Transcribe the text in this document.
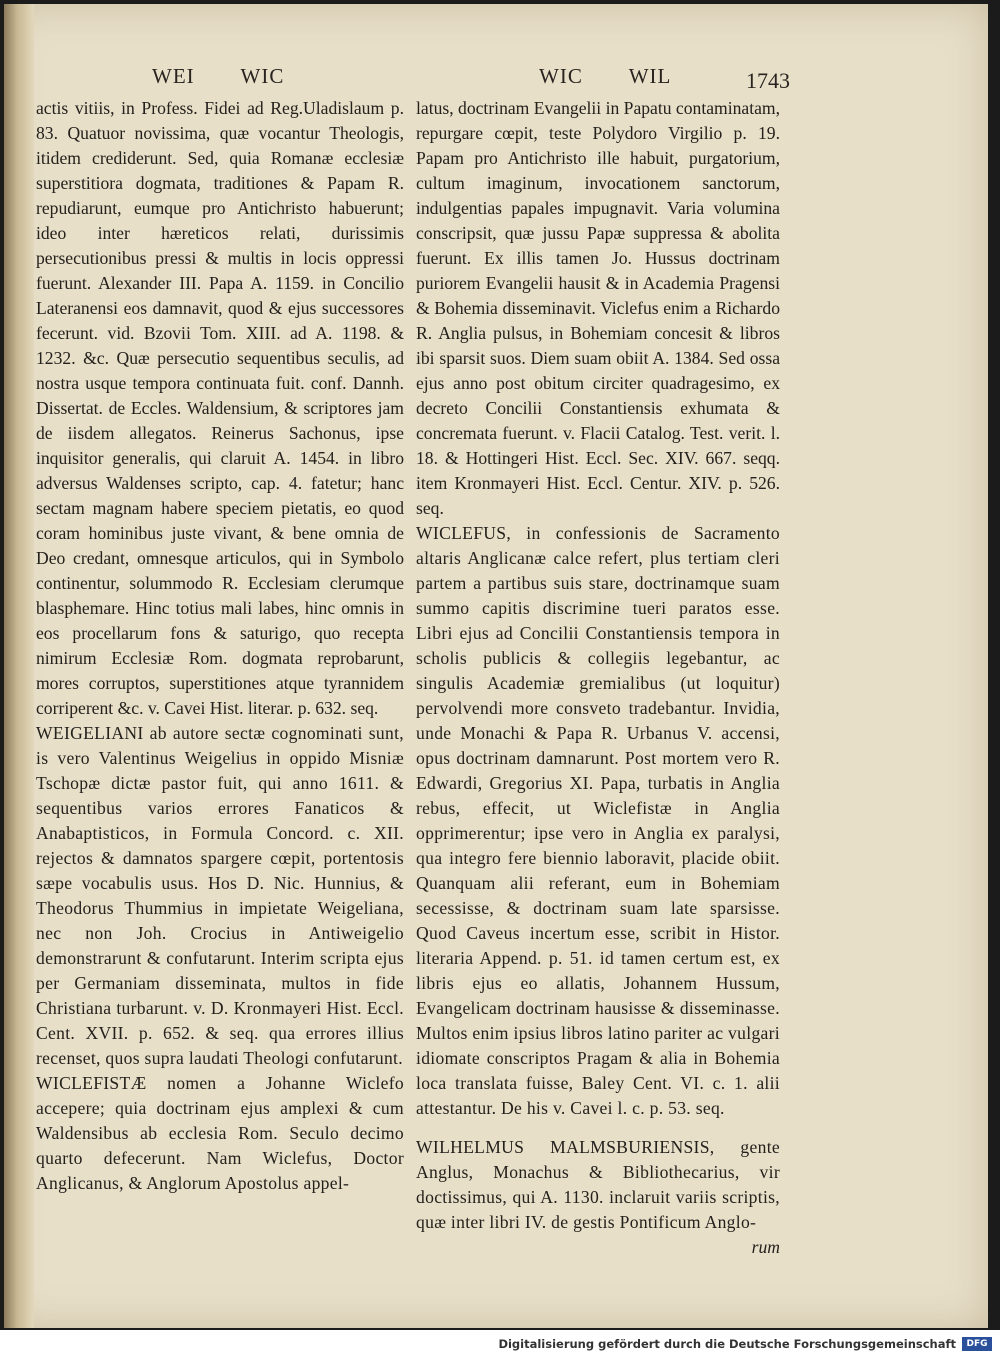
WEI WIC	WIC WIL	1743

actis vitiis, in Profess. Fidei ad Reg.Uladislaum p. 83. Quatuor novissima, quæ vocantur Theologis, itidem crediderunt. Sed, quia Romanæ ecclesiæ superstitiora dogmata, traditiones & Papam R. repudiarunt, eumque pro Antichristo habuerunt; ideo inter hæreticos relati, durissimis persecutionibus pressi & multis in locis oppressi fuerunt. Alexander III. Papa A. 1159. in Concilio Lateranensi eos damnavit, quod & ejus successores fecerunt. vid. Bzovii Tom. XIII. ad A. 1198. & 1232. &c. Quæ persecutio sequentibus seculis, ad nostra usque tempora continuata fuit. conf. Dannh. Dissertat. de Eccles. Waldensium, & scriptores jam de iisdem allegatos. Reinerus Sachonus, ipse inquisitor generalis, qui claruit A. 1454. in libro adversus Waldenses scripto, cap. 4. fatetur; hanc sectam magnam habere speciem pietatis, eo quod coram hominibus juste vivant, & bene omnia de Deo credant, omnesque articulos, qui in Symbolo continentur, solummodo R. Ecclesiam clerumque blasphemare. Hinc totius mali labes, hinc omnis in eos procellarum fons & saturigo, quo recepta nimirum Ecclesiæ Rom. dogmata reprobarunt, mores corruptos, superstitiones atque tyrannidem corriperent &c. v. Cavei Hist. literar. p. 632. seq.

WEIGELIANI ab autore sectæ cognominati sunt, is vero Valentinus Weigelius in oppido Misniæ Tschopæ dictæ pastor fuit, qui anno 1611. & sequentibus varios errores Fanaticos & Anabaptisticos, in Formula Concord. c. XII. rejectos & damnatos spargere cœpit, portentosis sæpe vocabulis usus. Hos D. Nic. Hunnius, & Theodorus Thummius in impietate Weigeliana, nec non Joh. Crocius in Antiweigelio demonstrarunt & confutarunt. Interim scripta ejus per Germaniam disseminata, multos in fide Christiana turbarunt. v. D. Kronmayeri Hist. Eccl. Cent. XVII. p. 652. & seq. qua errores illius recenset, quos supra laudati Theologi confutarunt.

WICLEFISTÆ nomen a Johanne Wiclefo accepere; quia doctrinam ejus amplexi & cum Waldensibus ab ecclesia Rom. Seculo decimo quarto defecerunt. Nam Wiclefus, Doctor Anglicanus, & Anglorum Apostolus appel-

latus, doctrinam Evangelii in Papatu contaminatam, repurgare cœpit, teste Polydoro Virgilio p. 19. Papam pro Antichristo ille habuit, purgatorium, cultum imaginum, invocationem sanctorum, indulgentias papales impugnavit. Varia volumina conscripsit, quæ jussu Papæ suppressa & abolita fuerunt. Ex illis tamen Jo. Hussus doctrinam puriorem Evangelii hausit & in Academia Pragensi & Bohemia disseminavit. Viclefus enim a Richardo R. Anglia pulsus, in Bohemiam concesit & libros ibi sparsit suos. Diem suam obiit A. 1384. Sed ossa ejus anno post obitum circiter quadragesimo, ex decreto Concilii Constantiensis exhumata & concremata fuerunt. v. Flacii Catalog. Test. verit. l. 18. & Hottingeri Hist. Eccl. Sec. XIV. 667. seqq. item Kronmayeri Hist. Eccl. Centur. XIV. p. 526. seq.

WICLEFUS, in confessionis de Sacramento altaris Anglicanæ calce refert, plus tertiam cleri partem a partibus suis stare, doctrinamque suam summo capitis discrimine tueri paratos esse. Libri ejus ad Concilii Constantiensis tempora in scholis publicis & collegiis legebantur, ac singulis Academiæ gremialibus (ut loquitur) pervolvendi more consveto tradebantur. Invidia, unde Monachi & Papa R. Urbanus V. accensi, opus doctrinam damnarunt. Post mortem vero R. Edwardi, Gregorius XI. Papa, turbatis in Anglia rebus, effecit, ut Wiclefistæ in Anglia opprimerentur; ipse vero in Anglia ex paralysi, qua integro fere biennio laboravit, placide obiit. Quanquam alii referant, eum in Bohemiam secessisse, & doctrinam suam late sparsisse. Quod Caveus incertum esse, scribit in Histor. literaria Append. p. 51. id tamen certum est, ex libris ejus eo allatis, Johannem Hussum, Evangelicam doctrinam hausisse & disseminasse. Multos enim ipsius libros latino pariter ac vulgari idiomate conscriptos Pragam & alia in Bohemia loca translata fuisse, Baley Cent. VI. c. 1. alii attestantur. De his v. Cavei l. c. p. 53. seq.

WILHELMUS MALMSBURIENSIS, gente Anglus, Monachus & Bibliothecarius, vir doctissimus, qui A. 1130. inclaruit variis scriptis, quæ inter libri IV. de gestis Pontificum Anglo-

rum

Digitalisierung gefördert durch die Deutsche Forschungsgemeinschaft	DFG
